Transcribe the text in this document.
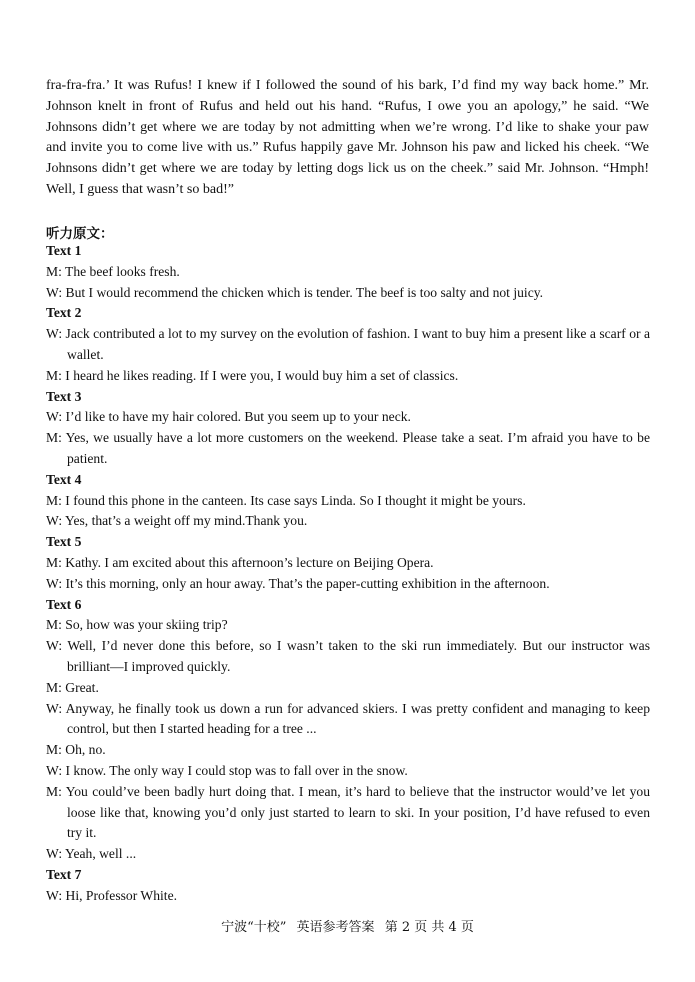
fra-fra-fra.’ It was Rufus! I knew if I followed the sound of his bark, I’d find my way back home.” Mr. Johnson knelt in front of Rufus and held out his hand. “Rufus, I owe you an apology,” he said. “We Johnsons didn’t get where we are today by not admitting when we’re wrong. I’d like to shake your paw and invite you to come live with us.” Rufus happily gave Mr. Johnson his paw and licked his cheek. “We Johnsons didn’t get where we are today by letting dogs lick us on the cheek.” said Mr. Johnson. “Hmph! Well, I guess that wasn’t so bad!”

听力原文：
Text 1
M: The beef looks fresh.
W: But I would recommend the chicken which is tender. The beef is too salty and not juicy.
Text 2
W: Jack contributed a lot to my survey on the evolution of fashion. I want to buy him a present like a scarf or a wallet.
M: I heard he likes reading. If I were you, I would buy him a set of classics.
Text 3
W: I’d like to have my hair colored. But you seem up to your neck.
M: Yes, we usually have a lot more customers on the weekend. Please take a seat. I’m afraid you have to be patient.
Text 4
M: I found this phone in the canteen. Its case says Linda. So I thought it might be yours.
W: Yes, that’s a weight off my mind.Thank you.
Text 5
M: Kathy. I am excited about this afternoon’s lecture on Beijing Opera.
W: It’s this morning, only an hour away. That’s the paper-cutting exhibition in the afternoon.
Text 6
M: So, how was your skiing trip?
W: Well, I’d never done this before, so I wasn’t taken to the ski run immediately. But our instructor was brilliant—I improved quickly.
M: Great.
W: Anyway, he finally took us down a run for advanced skiers. I was pretty confident and managing to keep control, but then I started heading for a tree ...
M: Oh, no.
W: I know. The only way I could stop was to fall over in the snow.
M: You could’ve been badly hurt doing that. I mean, it’s hard to believe that the instructor would’ve let you loose like that, knowing you’d only just started to learn to ski. In your position, I’d have refused to even try it.
W: Yeah, well ...
Text 7
W: Hi, Professor White.
宁波“十校” 英语参考答案 第 2 页 共 4 页
